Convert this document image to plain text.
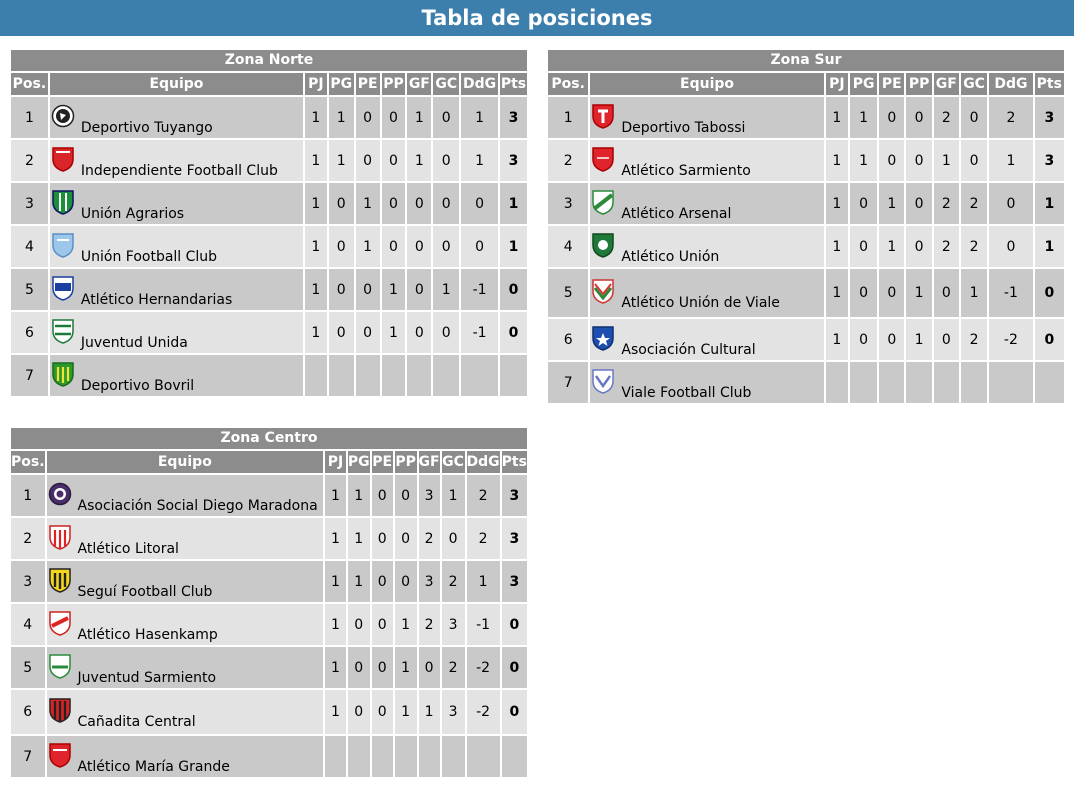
Tabla de posiciones
Zona Norte
Pos.	Equipo	PJ	PG	PE	PP	GF	GC	DdG	Pts
1	Deportivo Tuyango	1	1	0	0	1	0	1	3
2	Independiente Football Club	1	1	0	0	1	0	1	3
3	Unión Agrarios	1	0	1	0	0	0	0	1
4	Unión Football Club	1	0	1	0	0	0	0	1
5	Atlético Hernandarias	1	0	0	1	0	1	-1	0
6	Juventud Unida	1	0	0	1	0	0	-1	0
7	Deportivo Bovril								
Zona Sur
Pos.	Equipo	PJ	PG	PE	PP	GF	GC	DdG	Pts
1	Deportivo Tabossi	1	1	0	0	2	0	2	3
2	Atlético Sarmiento	1	1	0	0	1	0	1	3
3	Atlético Arsenal	1	0	1	0	2	2	0	1
4	Atlético Unión	1	0	1	0	2	2	0	1
5	Atlético Unión de Viale	1	0	0	1	0	1	-1	0
6	Asociación Cultural	1	0	0	1	0	2	-2	0
7	Viale Football Club								
Zona Centro
Pos.	Equipo	PJ	PG	PE	PP	GF	GC	DdG	Pts
1	Asociación Social Diego Maradona	1	1	0	0	3	1	2	3
2	Atlético Litoral	1	1	0	0	2	0	2	3
3	Seguí Football Club	1	1	0	0	3	2	1	3
4	Atlético Hasenkamp	1	0	0	1	2	3	-1	0
5	Juventud Sarmiento	1	0	0	1	0	2	-2	0
6	Cañadita Central	1	0	0	1	1	3	-2	0
7	Atlético María Grande								
